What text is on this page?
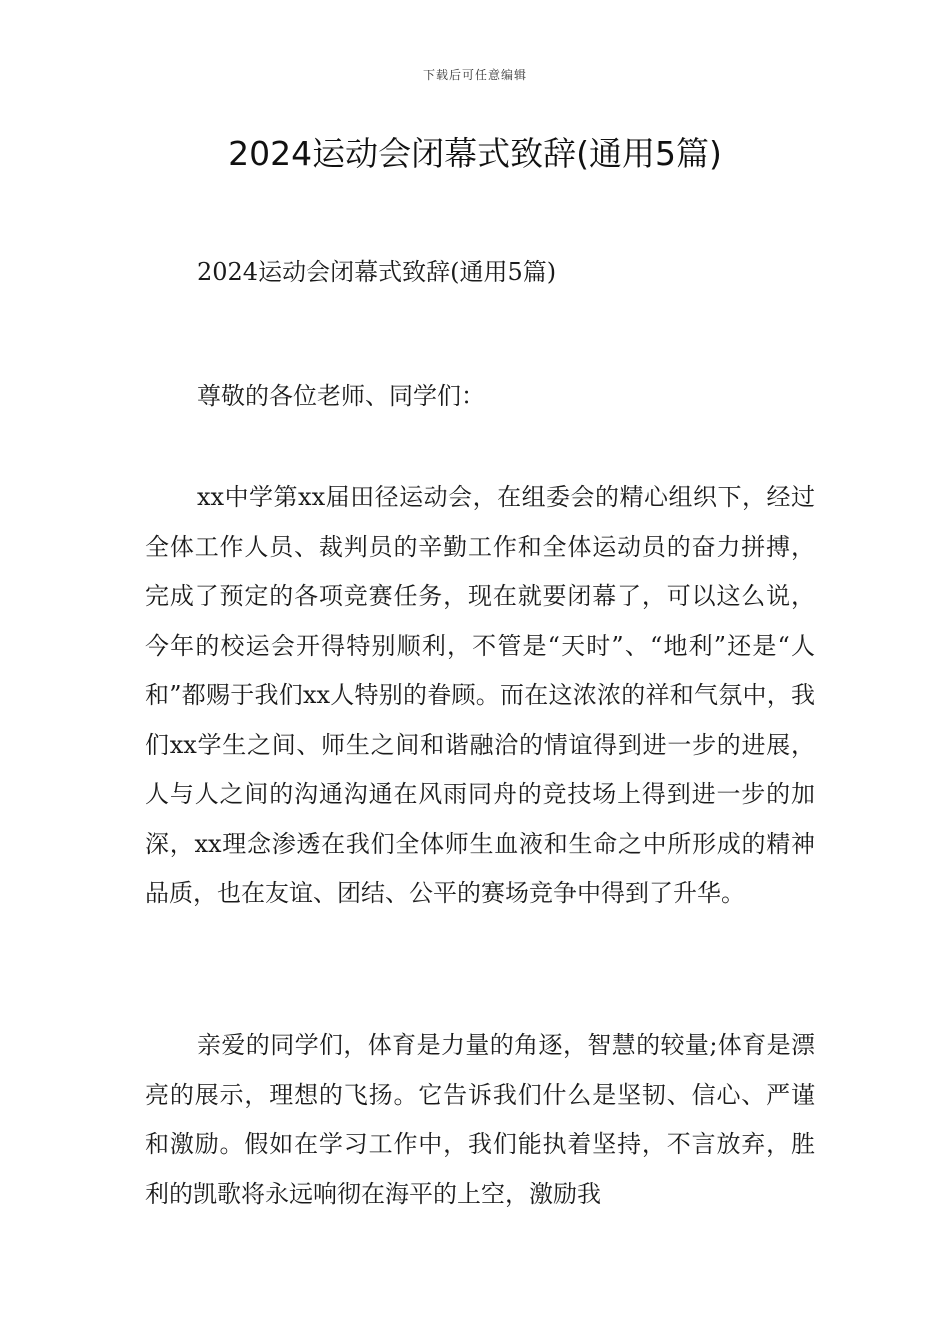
下载后可任意编辑
2024运动会闭幕式致辞(通用5篇)

2024运动会闭幕式致辞(通用5篇)

尊敬的各位老师、同学们：

xx中学第xx届田径运动会，在组委会的精心组织下，经过全体工作人员、裁判员的辛勤工作和全体运动员的奋力拼搏，完成了预定的各项竞赛任务，现在就要闭幕了，可以这么说，今年的校运会开得特别顺利，不管是“天时”、“地利”还是“人和”都赐于我们xx人特别的眷顾。而在这浓浓的祥和气氛中，我们xx学生之间、师生之间和谐融洽的情谊得到进一步的进展，人与人之间的沟通沟通在风雨同舟的竞技场上得到进一步的加深，xx理念渗透在我们全体师生血液和生命之中所形成的精神品质，也在友谊、团结、公平的赛场竞争中得到了升华。

亲爱的同学们，体育是力量的角逐，智慧的较量;体育是漂亮的展示，理想的飞扬。它告诉我们什么是坚韧、信心、严谨和激励。假如在学习工作中，我们能执着坚持，不言放弃，胜利的凯歌将永远响彻在海平的上空，激励我
